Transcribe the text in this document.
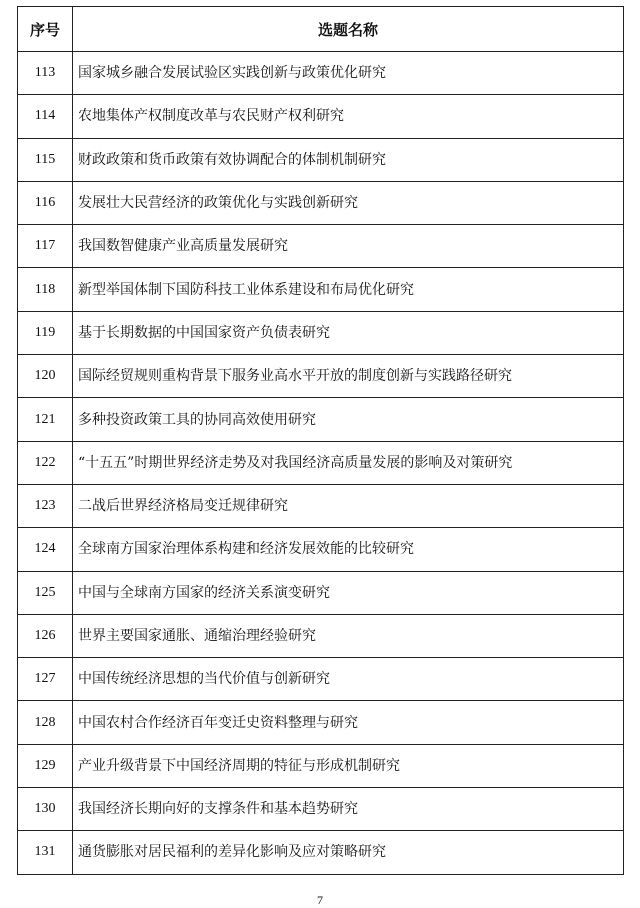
序号	选题名称
113	国家城乡融合发展试验区实践创新与政策优化研究
114	农地集体产权制度改革与农民财产权利研究
115	财政政策和货币政策有效协调配合的体制机制研究
116	发展壮大民营经济的政策优化与实践创新研究
117	我国数智健康产业高质量发展研究
118	新型举国体制下国防科技工业体系建设和布局优化研究
119	基于长期数据的中国国家资产负债表研究
120	国际经贸规则重构背景下服务业高水平开放的制度创新与实践路径研究
121	多种投资政策工具的协同高效使用研究
122	“十五五”时期世界经济走势及对我国经济高质量发展的影响及对策研究
123	二战后世界经济格局变迁规律研究
124	全球南方国家治理体系构建和经济发展效能的比较研究
125	中国与全球南方国家的经济关系演变研究
126	世界主要国家通胀、通缩治理经验研究
127	中国传统经济思想的当代价值与创新研究
128	中国农村合作经济百年变迁史资料整理与研究
129	产业升级背景下中国经济周期的特征与形成机制研究
130	我国经济长期向好的支撑条件和基本趋势研究
131	通货膨胀对居民福利的差异化影响及应对策略研究
7
